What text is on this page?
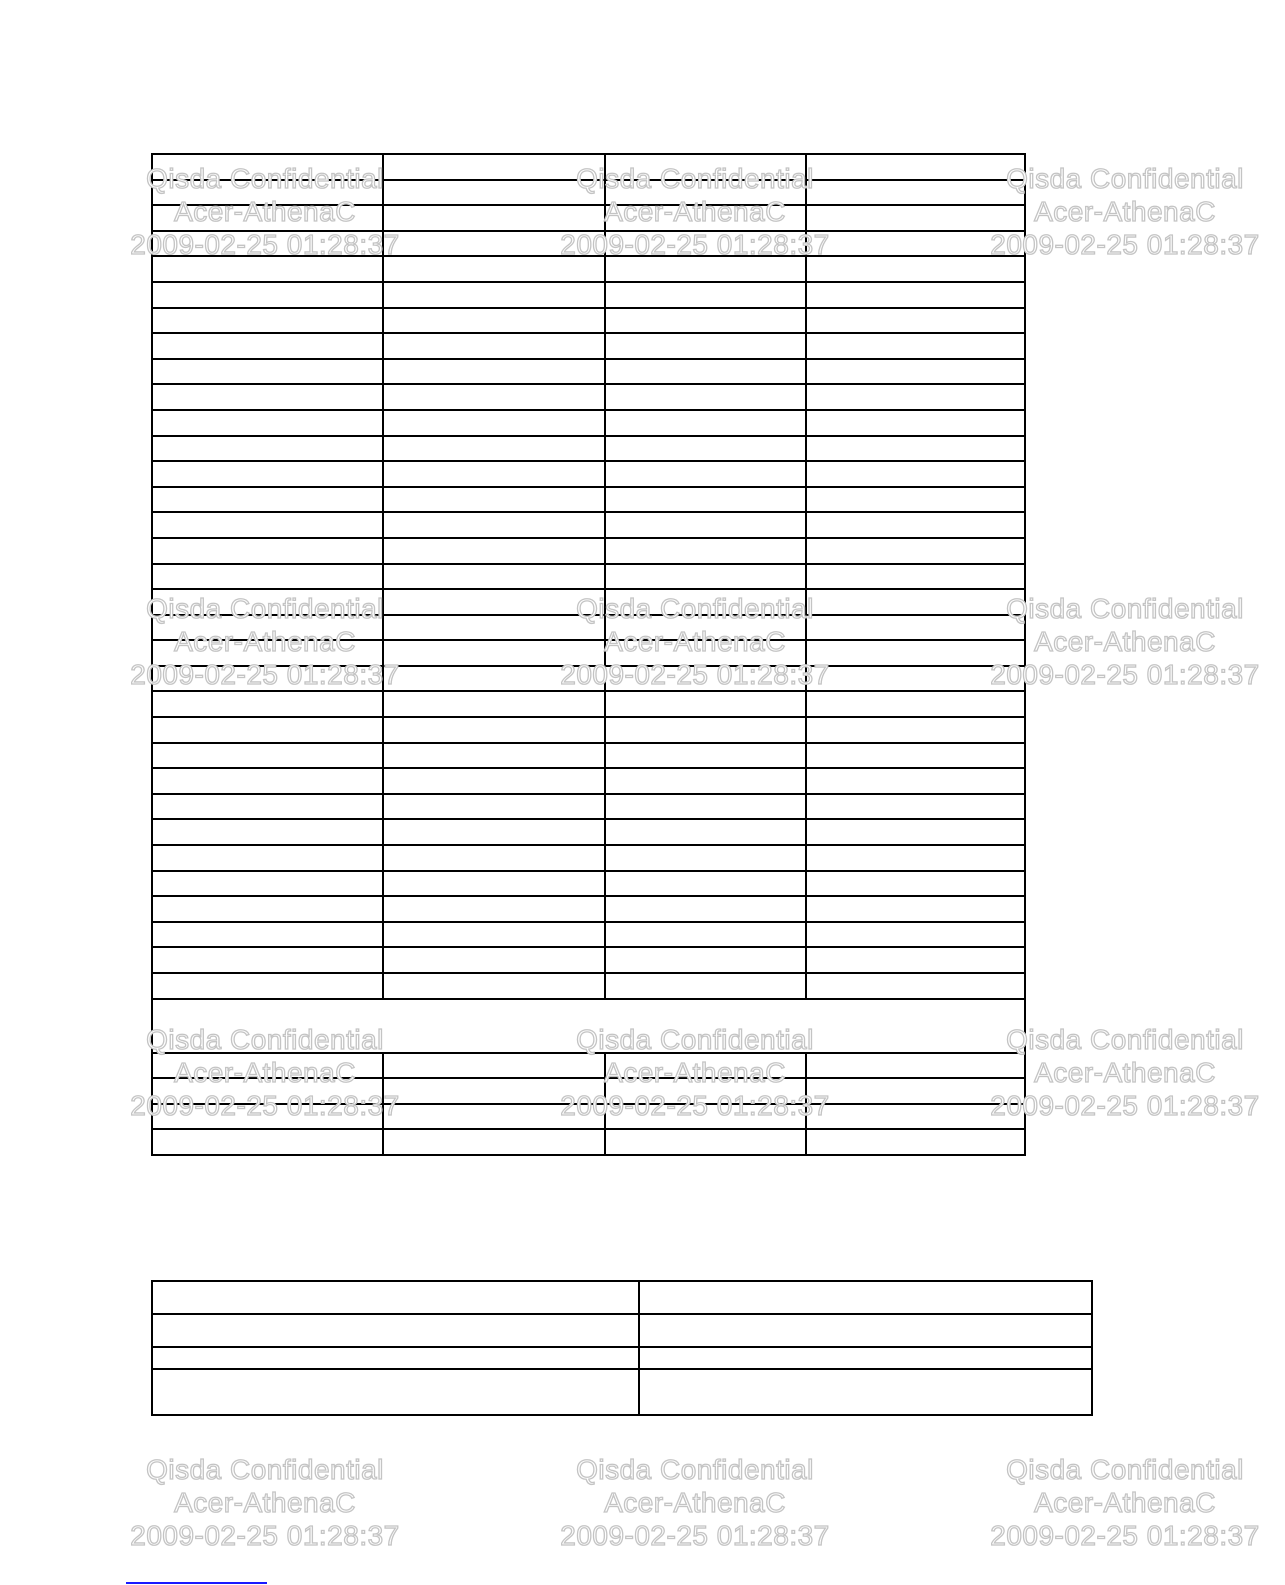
Qisda Confidential
Acer-AthenaC
2009-02-25 01:28:37
Qisda Confidential
Acer-AthenaC
2009-02-25 01:28:37
Qisda Confidential
Acer-AthenaC
2009-02-25 01:28:37
Qisda Confidential
Acer-AthenaC
2009-02-25 01:28:37
Qisda Confidential
Acer-AthenaC
2009-02-25 01:28:37
Qisda Confidential
Acer-AthenaC
2009-02-25 01:28:37
Qisda Confidential
Acer-AthenaC
2009-02-25 01:28:37
Qisda Confidential
Acer-AthenaC
2009-02-25 01:28:37
Qisda Confidential
Acer-AthenaC
2009-02-25 01:28:37
Qisda Confidential
Acer-AthenaC
2009-02-25 01:28:37
Qisda Confidential
Acer-AthenaC
2009-02-25 01:28:37
Qisda Confidential
Acer-AthenaC
2009-02-25 01:28:37
